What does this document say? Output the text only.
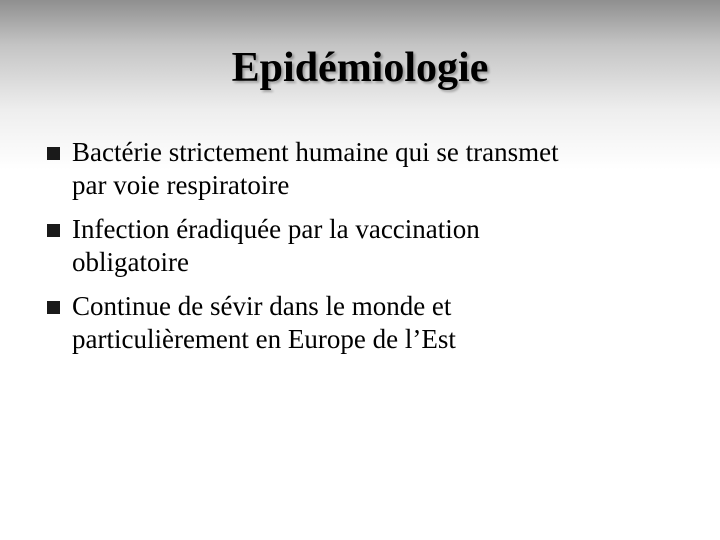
Epidémiologie
Bactérie strictement humaine qui se transmet
par voie respiratoire
Infection éradiquée par la vaccination
obligatoire
Continue de sévir dans le monde et
particulièrement en Europe de l’Est
